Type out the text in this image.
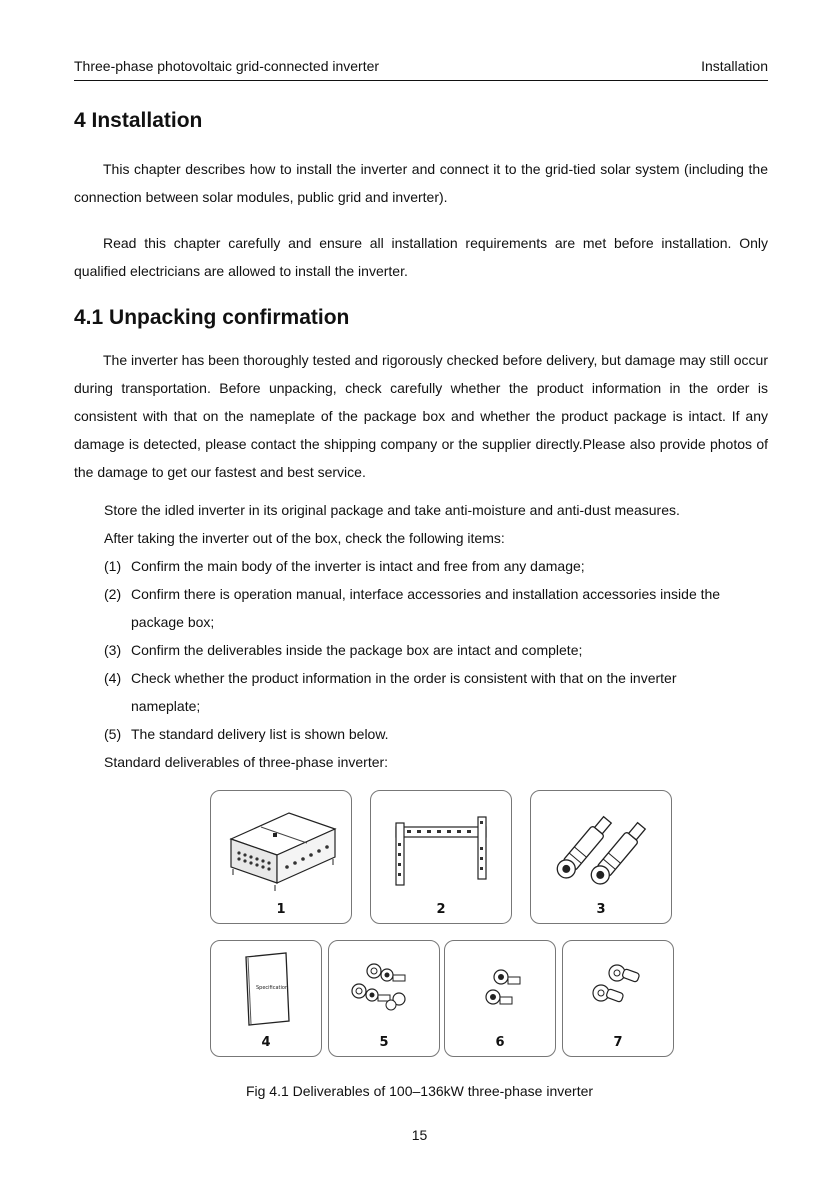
Three-phase photovoltaic grid-connected inverter	Installation
4 Installation

This chapter describes how to install the inverter and connect it to the grid-tied solar system (including the connection between solar modules, public grid and inverter).

Read this chapter carefully and ensure all installation requirements are met before installation. Only qualified electricians are allowed to install the inverter.

4.1 Unpacking confirmation

The inverter has been thoroughly tested and rigorously checked before delivery, but damage may still occur during transportation. Before unpacking, check carefully whether the product information in the order is consistent with that on the nameplate of the package box and whether the product package is intact. If any damage is detected, please contact the shipping company or the supplier directly.Please also provide photos of the damage to get our fastest and best service.

Store the idled inverter in its original package and take anti-moisture and anti-dust measures.
After taking the inverter out of the box, check the following items:
(1) Confirm the main body of the inverter is intact and free from any damage;
(2) Confirm there is operation manual, interface accessories and installation accessories inside the
package box;
(3) Confirm the deliverables inside the package box are intact and complete;
(4) Check whether the product information in the order is consistent with that on the inverter
nameplate;
(5) The standard delivery list is shown below.
Standard deliverables of three-phase inverter:
1	2	3
Specification
4	5	6	7
Fig 4.1 Deliverables of 100–136kW three-phase inverter
15
